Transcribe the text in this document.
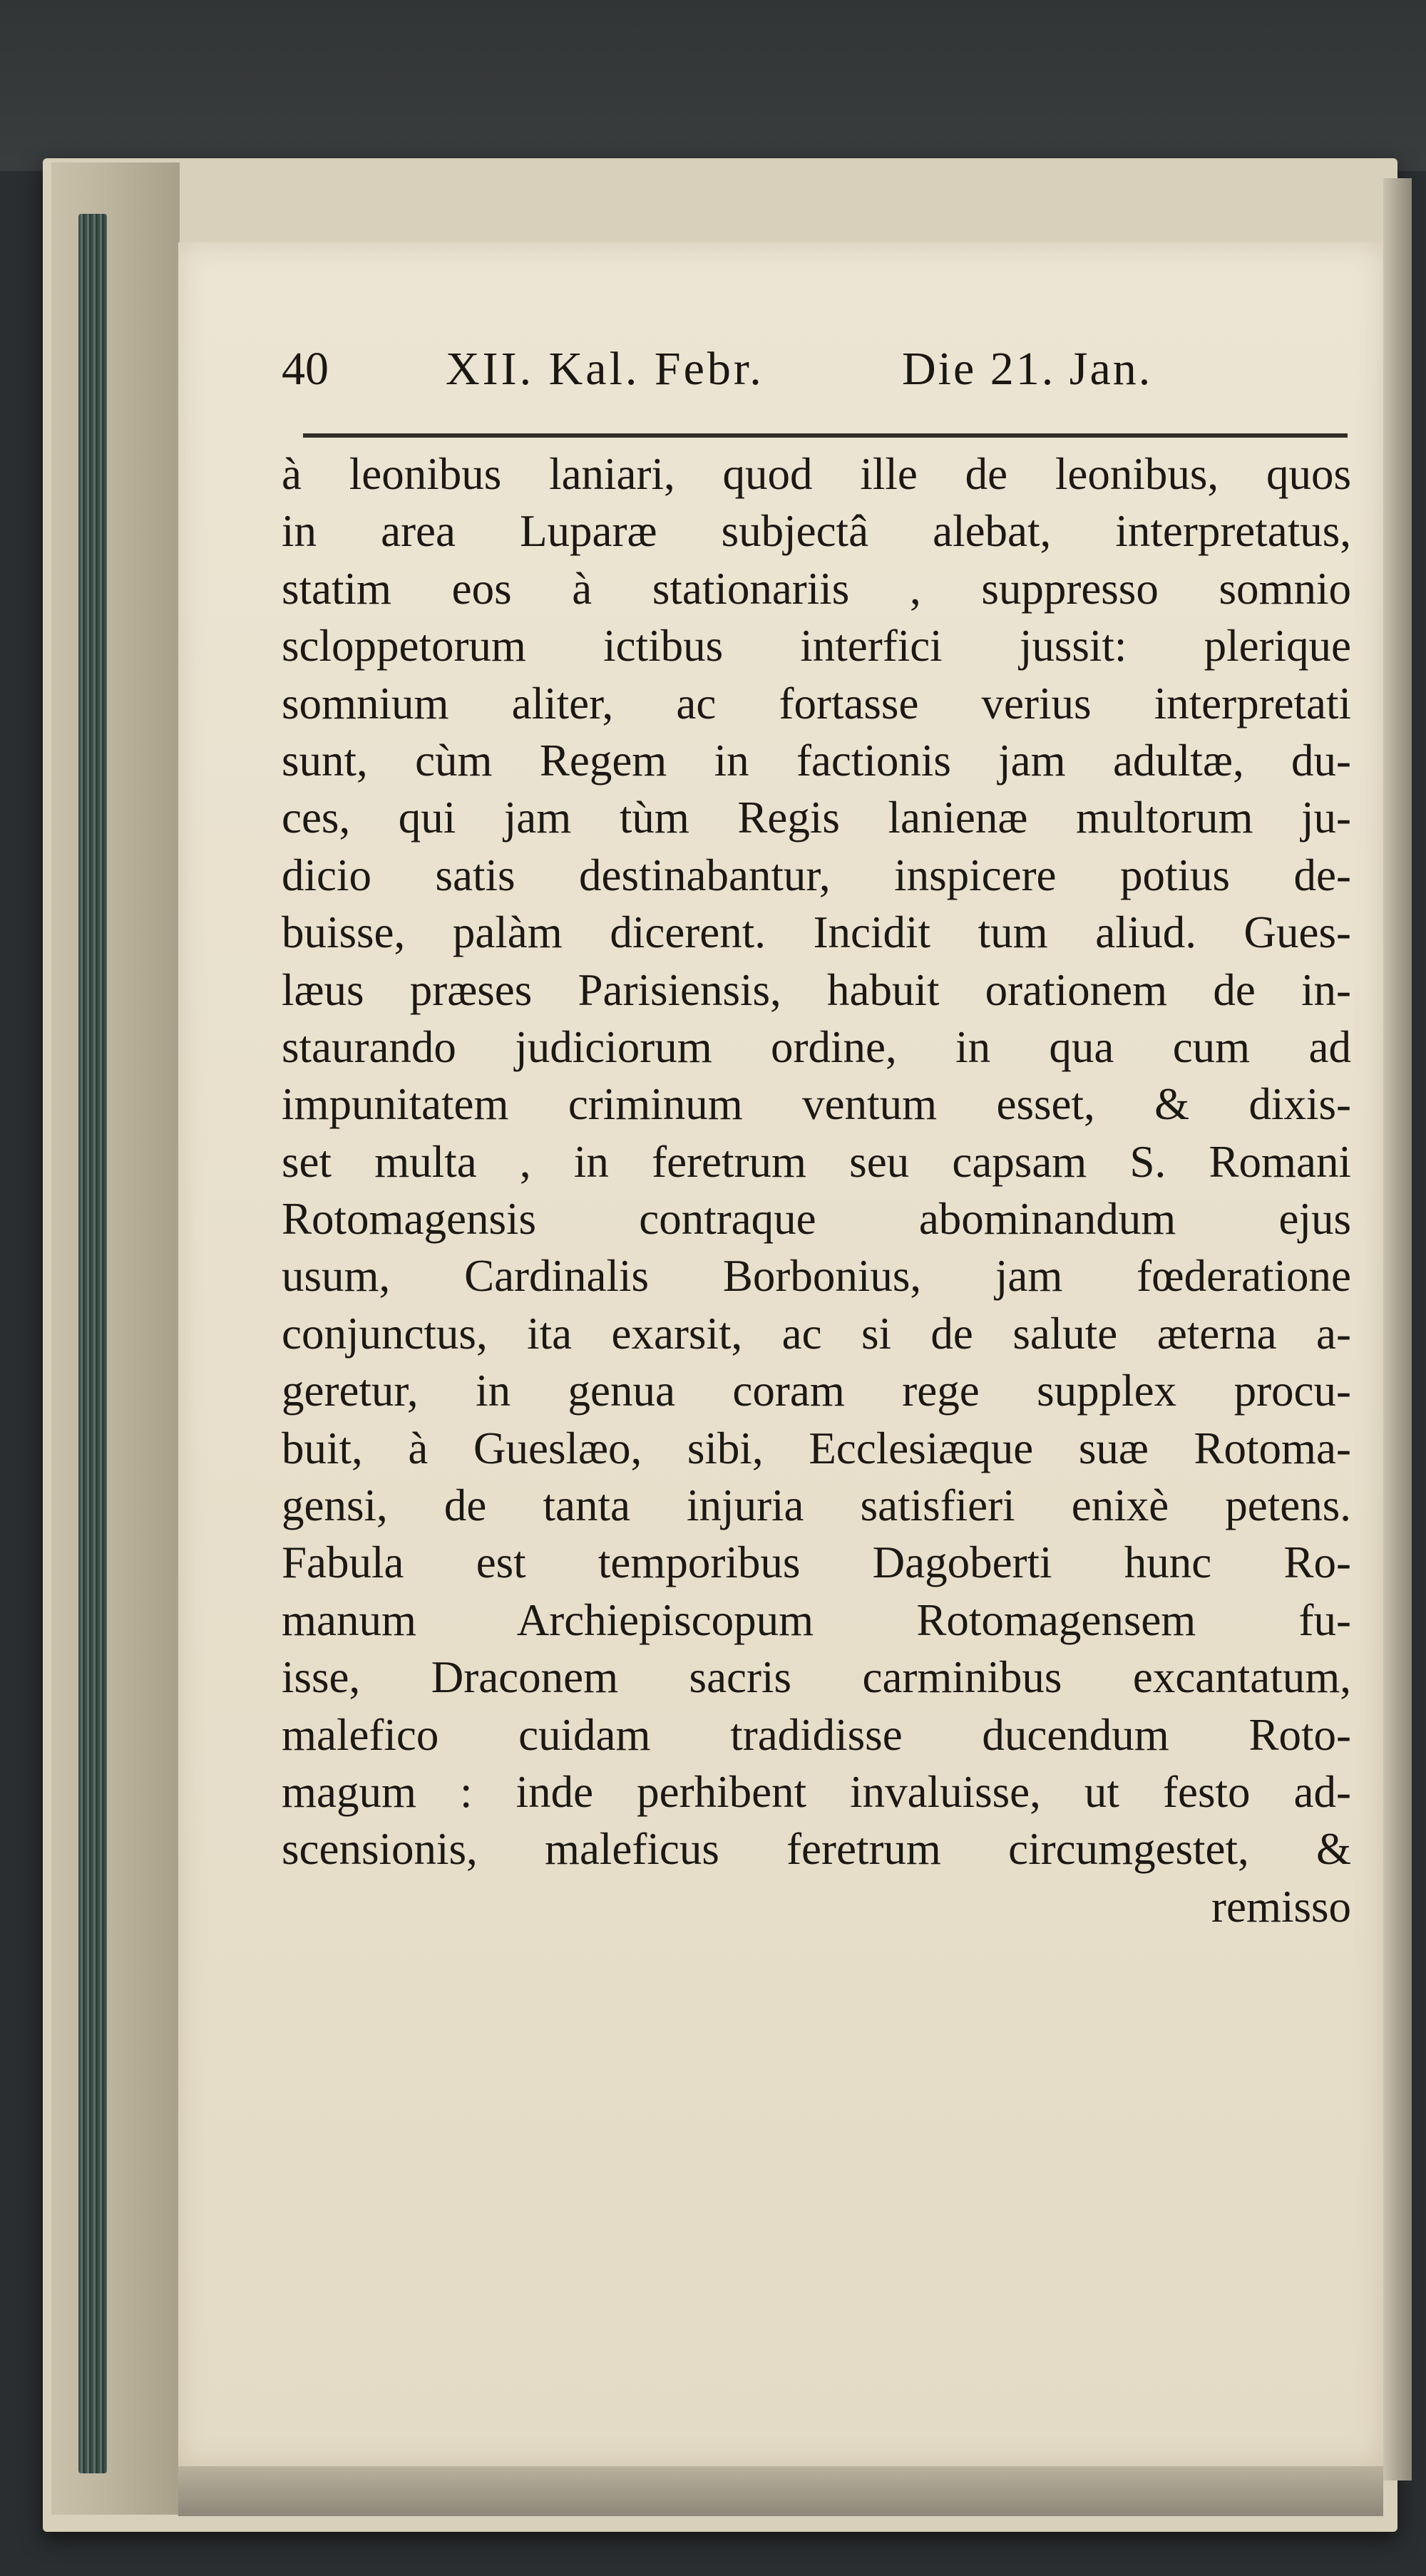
40 XII. Kal. Febr.	Die 21. Jan.
à leonibus laniari, quod ille de leonibus, quos
in area Luparæ subjectâ alebat, interpretatus,
statim eos à stationariis , suppresso somnio
scloppetorum ictibus interfici jussit: plerique
somnium aliter, ac fortasse verius interpretati
sunt, cùm Regem in factionis jam adultæ, du-
ces, qui jam tùm Regis lanienæ multorum ju-
dicio satis destinabantur, inspicere potius de-
buisse, palàm dicerent. Incidit tum aliud. Gues-
læus præses Parisiensis, habuit orationem de in-
staurando judiciorum ordine, in qua cum ad
impunitatem criminum ventum esset, & dixis-
set multa , in feretrum seu capsam S. Romani
Rotomagensis contraque abominandum ejus
usum, Cardinalis Borbonius, jam fœderatione
conjunctus, ita exarsit, ac si de salute æterna a-
geretur, in genua coram rege supplex procu-
buit, à Gueslæo, sibi, Ecclesiæque suæ Rotoma-
gensi, de tanta injuria satisfieri enixè petens.
Fabula est temporibus Dagoberti hunc Ro-
manum Archiepiscopum Rotomagensem fu-
isse, Draconem sacris carminibus excantatum,
malefico cuidam tradidisse ducendum Roto-
magum : inde perhibent invaluisse, ut festo ad-
scensionis, maleficus feretrum circumgestet, &
remisso
